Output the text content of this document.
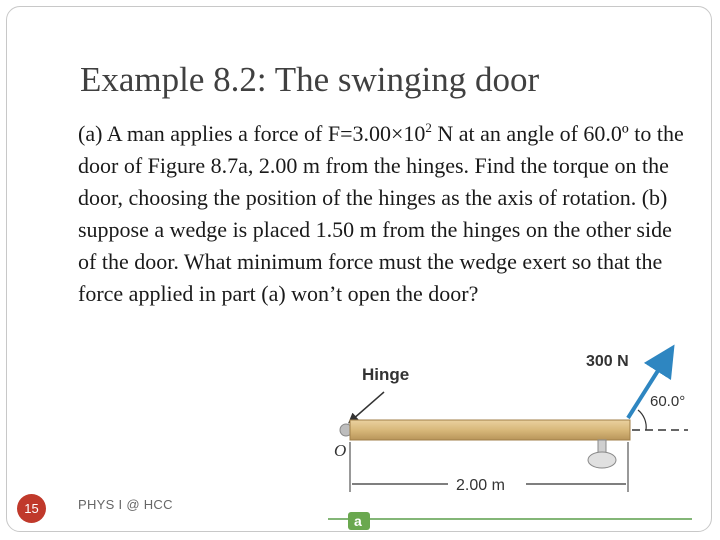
Example 8.2: The swinging door
(a) A man applies a force of $F=3.00\times 10^2$ N at an angle of 60.0º to the door of Figure 8.7a, 2.00 m from the hinges. Find the torque on the door, choosing the position of the hinges as the axis of rotation. (b) suppose a wedge is placed 1.50 m from the hinges on the other side of the door. What minimum force must the wedge exert so that the force applied in part (a) won’t open the door?
Hinge
300 N
60.0°
O
2.00 m
a
15	PHYS I @ HCC
